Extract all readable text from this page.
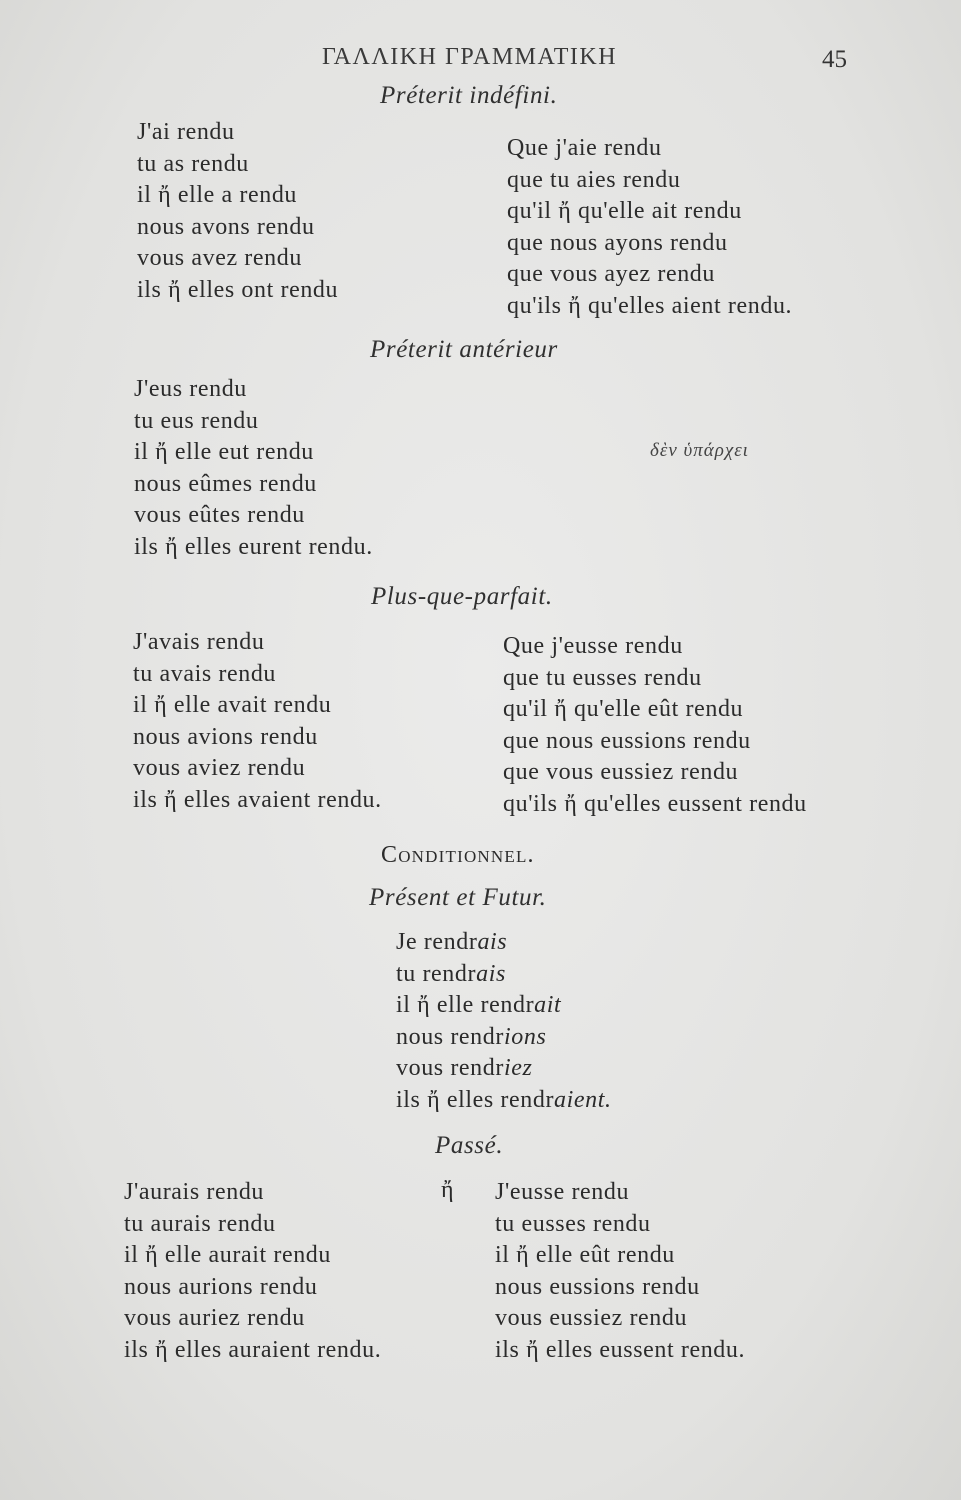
ΓΑΛΛΙΚΗ ΓΡΑΜΜΑΤΙΚΗ	45
Préterit indéfini.
J'ai rendu
tu as rendu
il ἤ elle a rendu
nous avons rendu
vous avez rendu
ils ἤ elles ont rendu
Que j'aie rendu
que tu aies rendu
qu'il ἤ qu'elle ait rendu
que nous ayons rendu
que vous ayez rendu
qu'ils ἤ qu'elles aient rendu.
Préterit antérieur
J'eus rendu
tu eus rendu
il ἤ elle eut rendu
nous eûmes rendu
vous eûtes rendu
ils ἤ elles eurent rendu.
δὲν ὑπάρχει
Plus-que-parfait.
J'avais rendu
tu avais rendu
il ἤ elle avait rendu
nous avions rendu
vous aviez rendu
ils ἤ elles avaient rendu.
Que j'eusse rendu
que tu eusses rendu
qu'il ἤ qu'elle eût rendu
que nous eussions rendu
que vous eussiez rendu
qu'ils ἤ qu'elles eussent rendu
Conditionnel.
Présent et Futur.
Je rendrais
tu rendrais
il ἤ elle rendrait
nous rendrions
vous rendriez
ils ἤ elles rendraient.
Passé.
J'aurais rendu
tu aurais rendu
il ἤ elle aurait rendu
nous aurions rendu
vous auriez rendu
ils ἤ elles auraient rendu.
ἤ J'eusse rendu
tu eusses rendu
il ἤ elle eût rendu
nous eussions rendu
vous eussiez rendu
ils ἤ elles eussent rendu.
